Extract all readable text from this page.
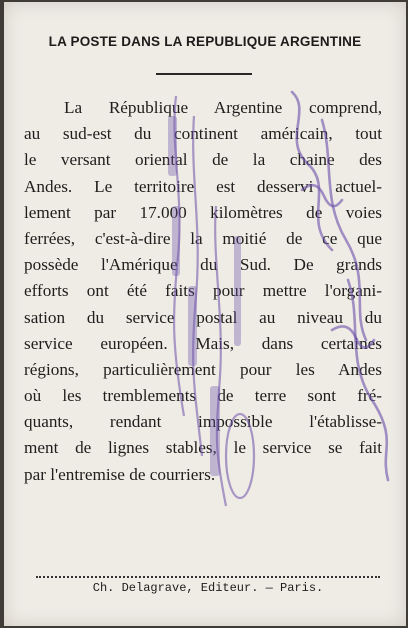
LA POSTE DANS LA REPUBLIQUE ARGENTINE
La République Argentine comprend,
au sud-est du continent américain, tout
le versant oriental de la chaine des
Andes. Le territoire est desservi actuel-
lement par 17.000 kilomètres de voies
ferrées, c'est-à-dire la moitié de ce que
possède l'Amérique du Sud. De grands
efforts ont été faits pour mettre l'organi-
sation du service postal au niveau du
service européen. Mais, dans certaines
régions, particulièrement pour les Andes
où les tremblements de terre sont fré-
quants, rendant impossible l'établisse-
ment de lignes stables, le service se fait
par l'entremise de courriers.
Ch. Delagrave, Editeur. — Paris.
